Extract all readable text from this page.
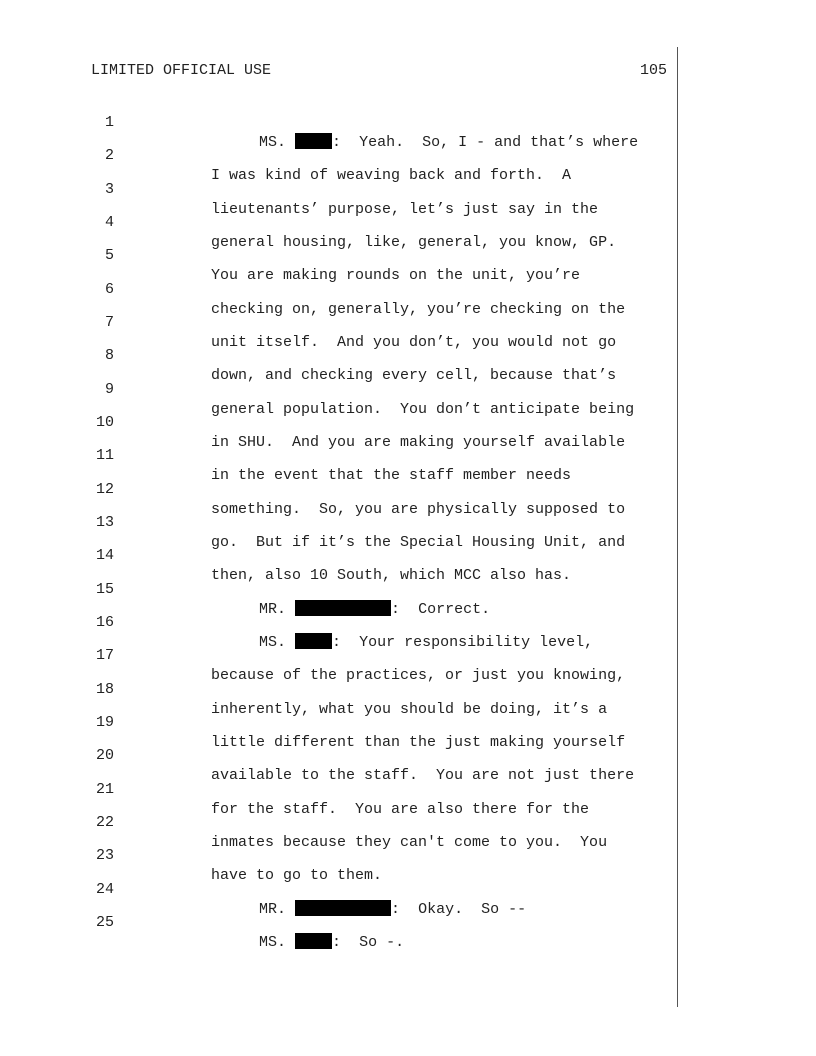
LIMITED OFFICIAL USE	105

1

MS.	: Yeah.  So, I - and that’s where

2

I was kind of weaving back and forth.  A

3

lieutenants’ purpose, let’s just say in the

4

general housing, like, general, you know, GP.

5

You are making rounds on the unit, you’re

6

checking on, generally, you’re checking on the

7

unit itself.  And you don’t, you would not go

8

down, and checking every cell, because that’s

9

general population.  You don’t anticipate being

10

in SHU.  And you are making yourself available

11

in the event that the staff member needs

12

something.  So, you are physically supposed to

13

go.  But if it’s the Special Housing Unit, and

14

then, also 10 South, which MCC also has.

15

MR.	: Correct.

16

MS.	: Your responsibility level,

17

because of the practices, or just you knowing,

18

inherently, what you should be doing, it’s a

19

little different than the just making yourself

20

available to the staff.  You are not just there

21

for the staff.  You are also there for the

22

inmates because they can't come to you.  You

23

have to go to them.

24

MR.	: Okay.  So --

25

MS.	: So -.
